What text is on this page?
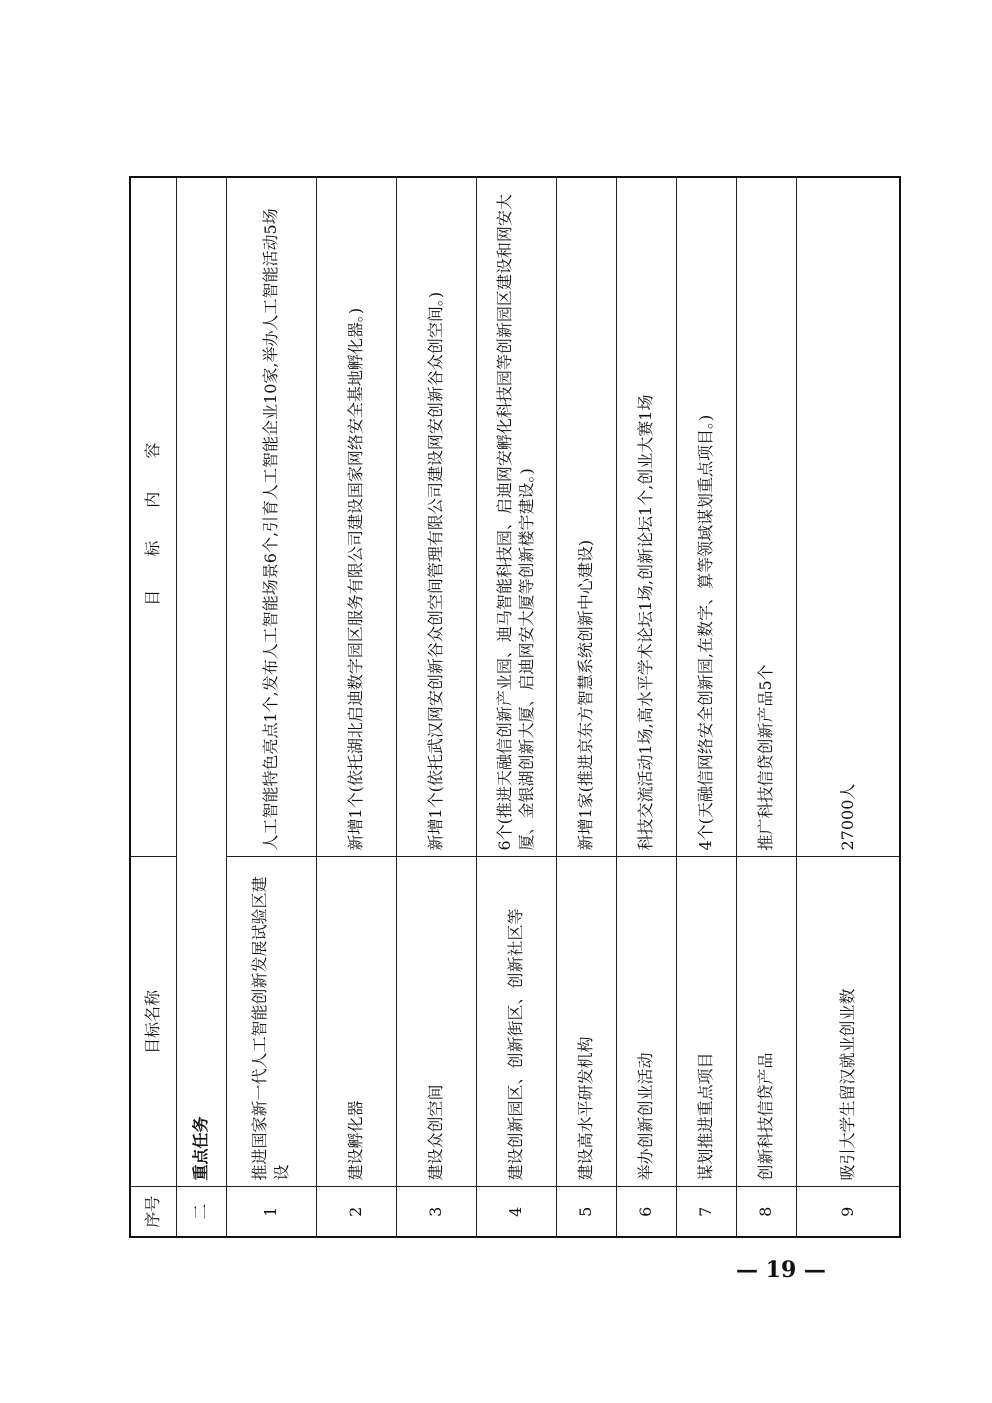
序号	目标名称	目 标 内 容
二	重点任务	
1	推进国家新一代人工智能创新发展试验区建设	人工智能特色亮点1个,发布人工智能场景6个,引育人工智能企业10家,举办人工智能活动5场
2	建设孵化器	新增1个(依托湖北启迪数字园区服务有限公司建设国家网络安全基地孵化器。)
3	建设众创空间	新增1个(依托武汉网安创新谷众创空间管理有限公司建设网安创新谷众创空间。)
4	建设创新园区、创新街区、创新社区等	6个(推进天融信创新产业园、迪马智能科技园、启迪网安孵化科技园等创新园区建设和网安大厦、金银湖创新大厦、启迪网安大厦等创新楼宇建设。)
5	建设高水平研发机构	新增1家(推进京东方智慧系统创新中心建设)
6	举办创新创业活动	科技交流活动1场,高水平学术论坛1场,创新论坛1个,创业大赛1场
7	谋划推进重点项目	4个(天融信网络安全创新园,在数字、算等领域谋划重点项目。)
8	创新科技信贷产品	推广科技信贷创新产品5个
9	吸引大学生留汉就业创业数	27000人
— 19 —
